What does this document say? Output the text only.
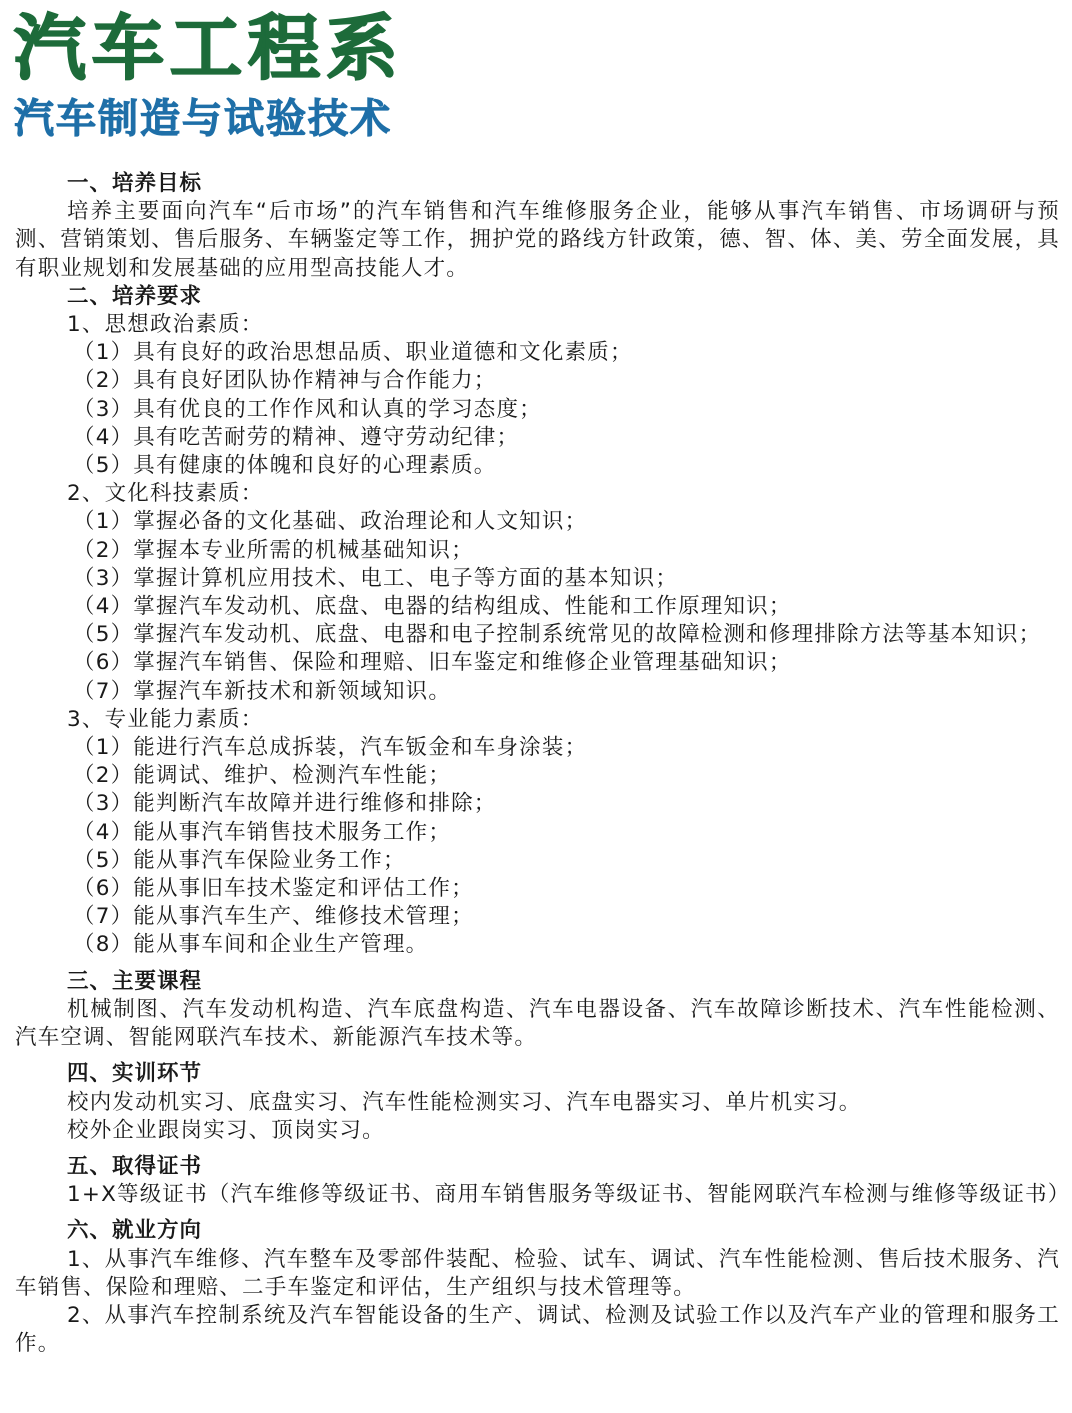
汽车工程系
汽车制造与试验技术
一、培养目标

培养主要面向汽车“后市场”的汽车销售和汽车维修服务企业，能够从事汽车销售、市场调研与预测、营销策划、售后服务、车辆鉴定等工作，拥护党的路线方针政策，德、智、体、美、劳全面发展，具有职业规划和发展基础的应用型高技能人才。

二、培养要求

1、思想政治素质：

（1）具有良好的政治思想品质、职业道德和文化素质；

（2）具有良好团队协作精神与合作能力；

（3）具有优良的工作作风和认真的学习态度；

（4）具有吃苦耐劳的精神、遵守劳动纪律；

（5）具有健康的体魄和良好的心理素质。

2、文化科技素质：

（1）掌握必备的文化基础、政治理论和人文知识；

（2）掌握本专业所需的机械基础知识；

（3）掌握计算机应用技术、电工、电子等方面的基本知识；

（4）掌握汽车发动机、底盘、电器的结构组成、性能和工作原理知识；

（5）掌握汽车发动机、底盘、电器和电子控制系统常见的故障检测和修理排除方法等基本知识；

（6）掌握汽车销售、保险和理赔、旧车鉴定和维修企业管理基础知识；

（7）掌握汽车新技术和新领域知识。

3、专业能力素质：

（1）能进行汽车总成拆装，汽车钣金和车身涂装；

（2）能调试、维护、检测汽车性能；

（3）能判断汽车故障并进行维修和排除；

（4）能从事汽车销售技术服务工作；

（5）能从事汽车保险业务工作；

（6）能从事旧车技术鉴定和评估工作；

（7）能从事汽车生产、维修技术管理；

（8）能从事车间和企业生产管理。

三、主要课程

机械制图、汽车发动机构造、汽车底盘构造、汽车电器设备、汽车故障诊断技术、汽车性能检测、汽车空调、智能网联汽车技术、新能源汽车技术等。

四、实训环节

校内发动机实习、底盘实习、汽车性能检测实习、汽车电器实习、单片机实习。

校外企业跟岗实习、顶岗实习。

五、取得证书

1+X等级证书（汽车维修等级证书、商用车销售服务等级证书、智能网联汽车检测与维修等级证书）

六、就业方向

1、从事汽车维修、汽车整车及零部件装配、检验、试车、调试、汽车性能检测、售后技术服务、汽车销售、保险和理赔、二手车鉴定和评估，生产组织与技术管理等。

2、从事汽车控制系统及汽车智能设备的生产、调试、检测及试验工作以及汽车产业的管理和服务工作。
